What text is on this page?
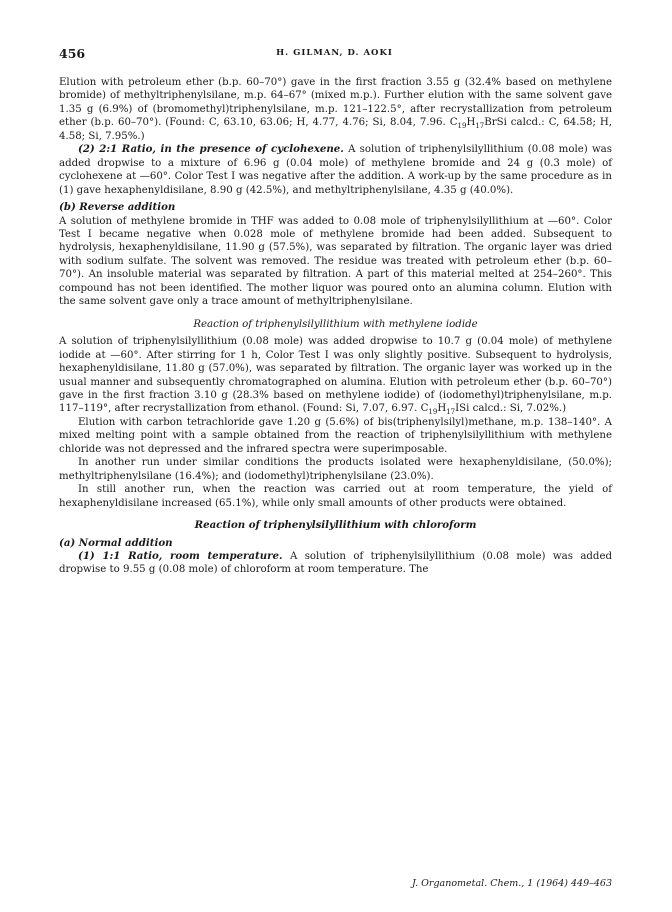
456	H. GILMAN, D. AOKI

Elution with petroleum ether (b.p. 60–70°) gave in the first fraction 3.55 g (32.4% based on methylene bromide) of methyltriphenylsilane, m.p. 64–67° (mixed m.p.). Further elution with the same solvent gave 1.35 g (6.9%) of (bromomethyl)triphenylsilane, m.p. 121–122.5°, after recrystallization from petroleum ether (b.p. 60–70°). (Found: C, 63.10, 63.06; H, 4.77, 4.76; Si, 8.04, 7.96. $C_{19}H_{17}BrSi$ calcd.: C, 64.58; H, 4.58; Si, 7.95%.)

(2) 2:1 Ratio, in the presence of cyclohexene. A solution of triphenylsilyllithium (0.08 mole) was added dropwise to a mixture of 6.96 g (0.04 mole) of methylene bromide and 24 g (0.3 mole) of cyclohexene at —60°. Color Test I was negative after the addition. A work-up by the same procedure as in (1) gave hexaphenyldisilane, 8.90 g (42.5%), and methyltriphenylsilane, 4.35 g (40.0%).

(b) Reverse addition

A solution of methylene bromide in THF was added to 0.08 mole of triphenylsilyllithium at —60°. Color Test I became negative when 0.028 mole of methylene bromide had been added. Subsequent to hydrolysis, hexaphenyldisilane, 11.90 g (57.5%), was separated by filtration. The organic layer was dried with sodium sulfate. The solvent was removed. The residue was treated with petroleum ether (b.p. 60–70°). An insoluble material was separated by filtration. A part of this material melted at 254–260°. This compound has not been identified. The mother liquor was poured onto an alumina column. Elution with the same solvent gave only a trace amount of methyltriphenylsilane.

Reaction of triphenylsilyllithium with methylene iodide

A solution of triphenylsilyllithium (0.08 mole) was added dropwise to 10.7 g (0.04 mole) of methylene iodide at —60°. After stirring for 1 h, Color Test I was only slightly positive. Subsequent to hydrolysis, hexaphenyldisilane, 11.80 g (57.0%), was separated by filtration. The organic layer was worked up in the usual manner and subsequently chromatographed on alumina. Elution with petroleum ether (b.p. 60–70°) gave in the first fraction 3.10 g (28.3% based on methylene iodide) of (iodomethyl)triphenylsilane, m.p. 117–119°, after recrystallization from ethanol. (Found: Si, 7.07, 6.97. $C_{19}H_{17}ISi$ calcd.: Si, 7.02%.)

Elution with carbon tetrachloride gave 1.20 g (5.6%) of bis(triphenylsilyl)methane, m.p. 138–140°. A mixed melting point with a sample obtained from the reaction of triphenylsilyllithium with methylene chloride was not depressed and the infrared spectra were superimposable.

In another run under similar conditions the products isolated were hexaphenyldisilane, (50.0%); methyltriphenylsilane (16.4%); and (iodomethyl)triphenylsilane (23.0%).

In still another run, when the reaction was carried out at room temperature, the yield of hexaphenyldisilane increased (65.1%), while only small amounts of other products were obtained.

Reaction of triphenylsilyllithium with chloroform

(a) Normal addition

(1) 1:1 Ratio, room temperature. A solution of triphenylsilyllithium (0.08 mole) was added dropwise to 9.55 g (0.08 mole) of chloroform at room temperature. The

J. Organometal. Chem., 1 (1964) 449–463
